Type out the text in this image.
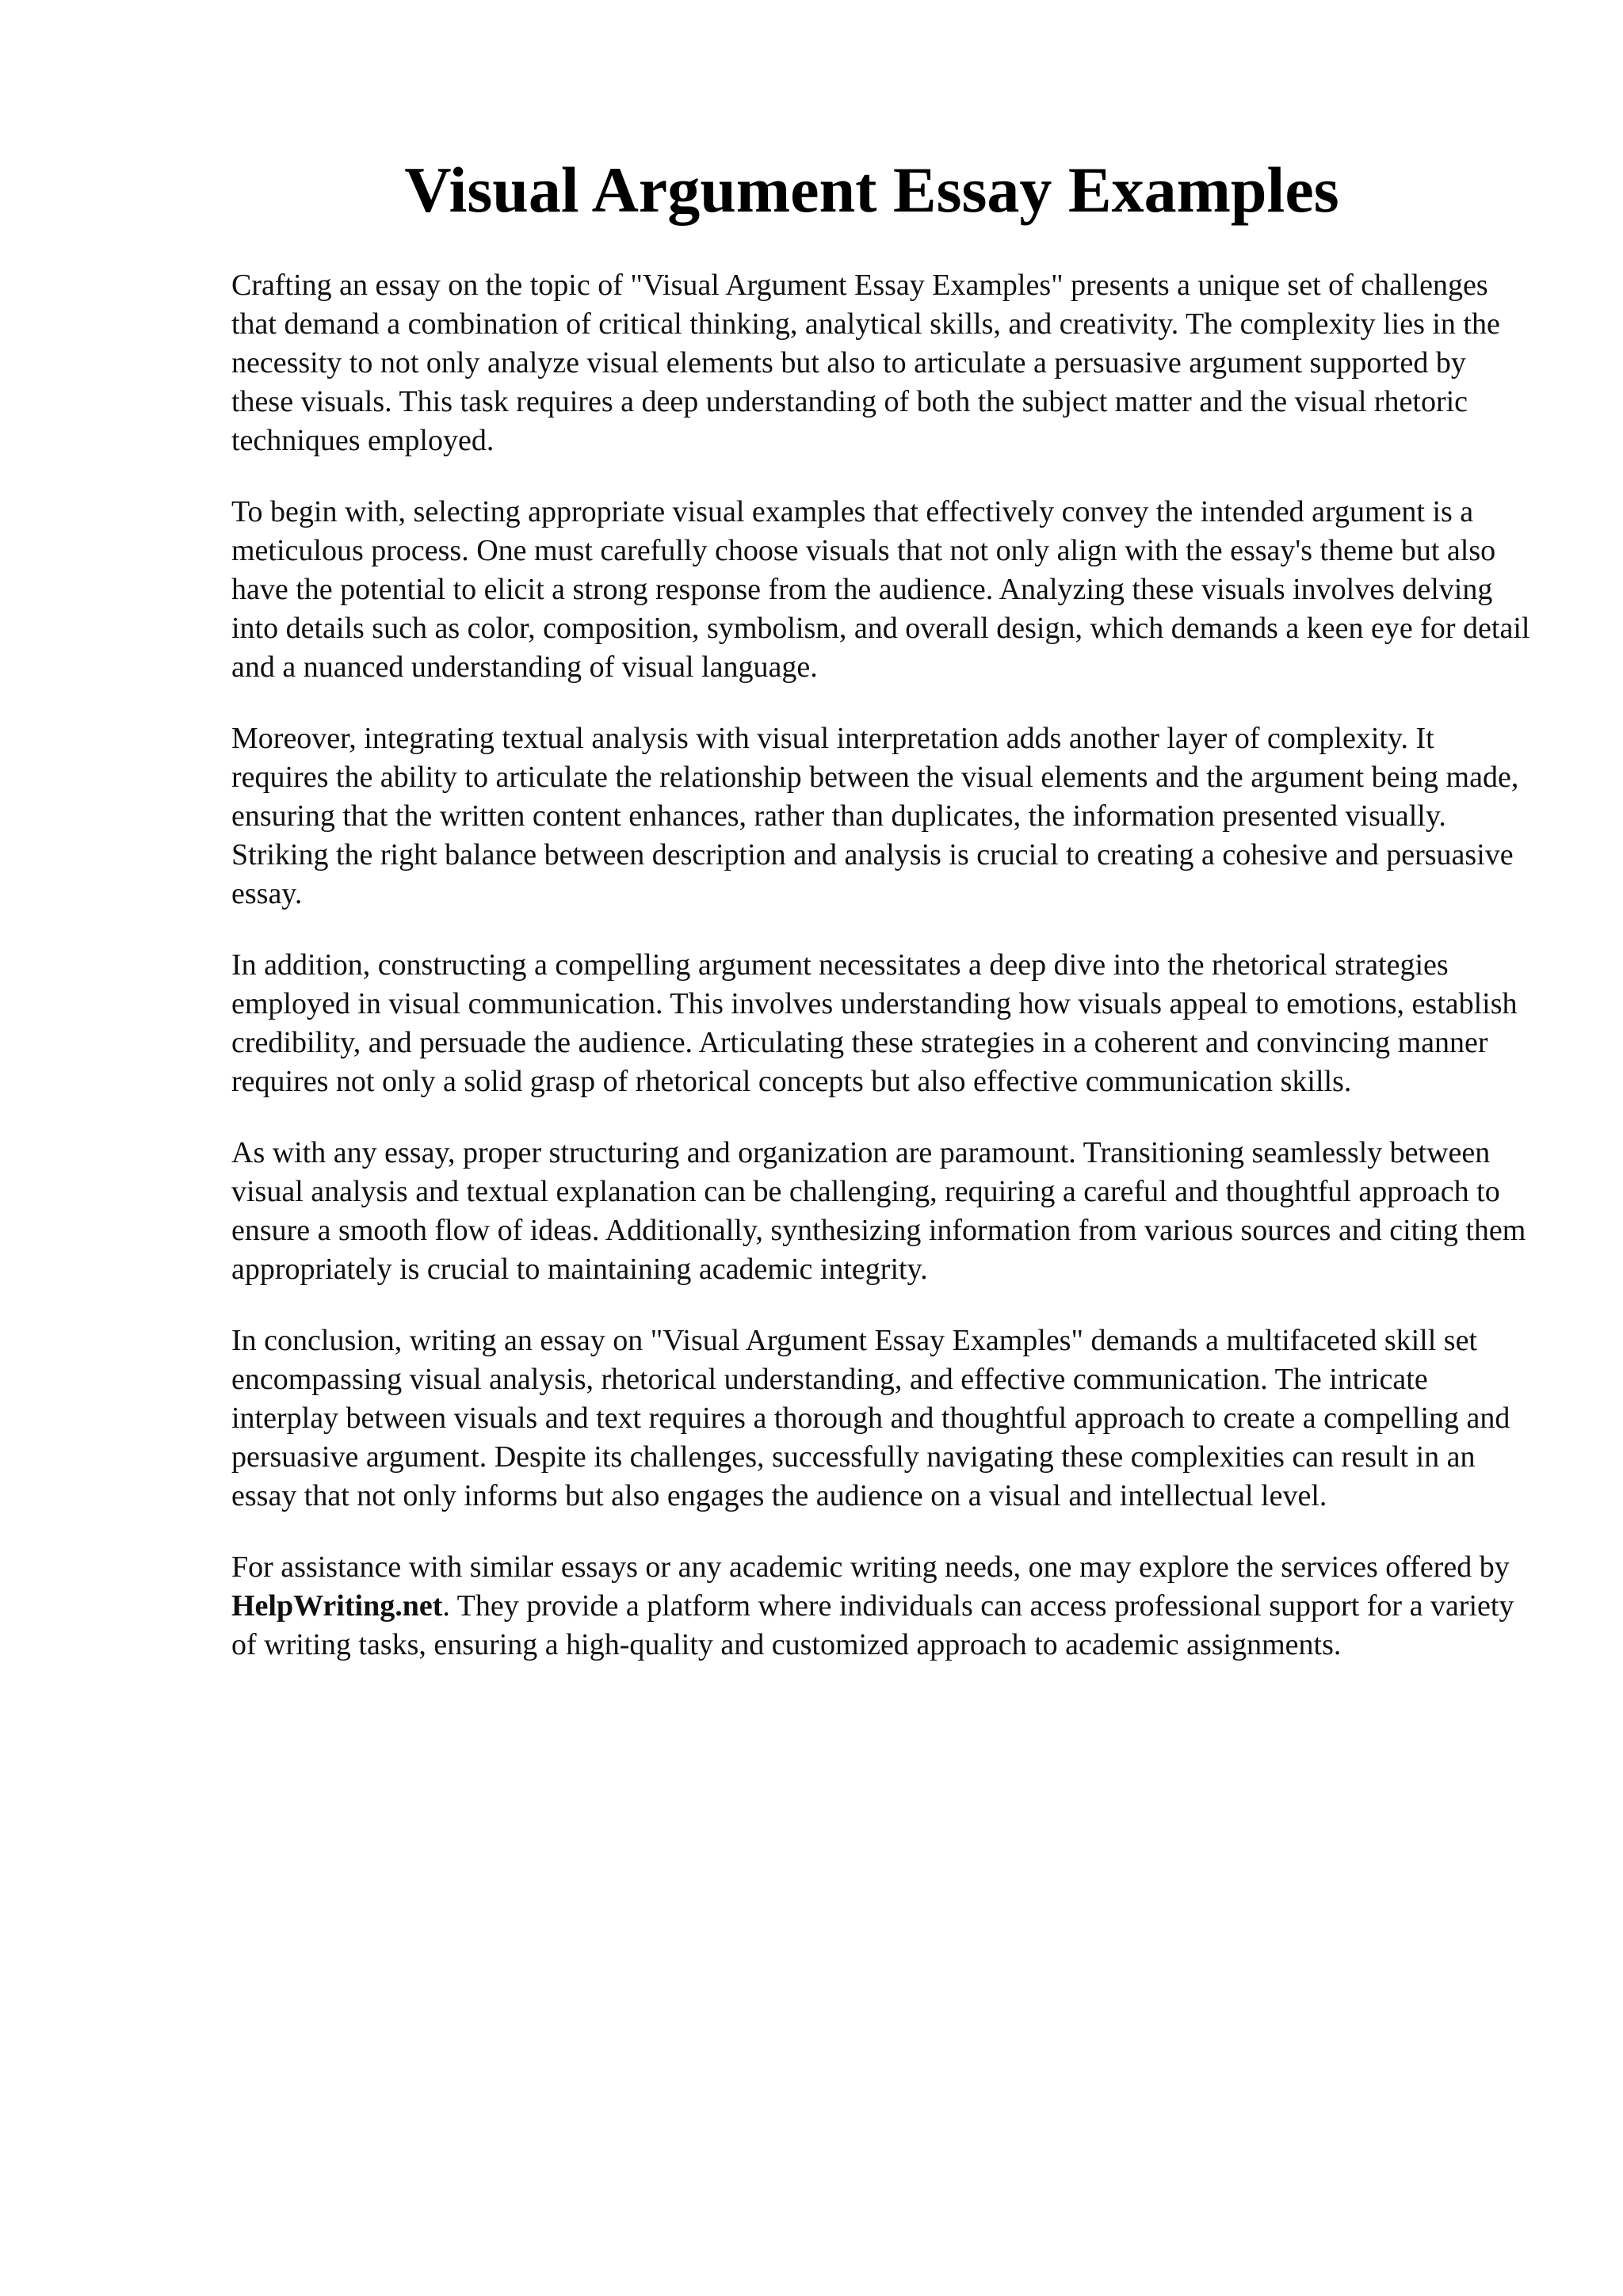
Visual Argument Essay Examples

Crafting an essay on the topic of "Visual Argument Essay Examples" presents a unique set of challenges that demand a combination of critical thinking, analytical skills, and creativity. The complexity lies in the necessity to not only analyze visual elements but also to articulate a persuasive argument supported by these visuals. This task requires a deep understanding of both the subject matter and the visual rhetoric techniques employed.

To begin with, selecting appropriate visual examples that effectively convey the intended argument is a meticulous process. One must carefully choose visuals that not only align with the essay's theme but also have the potential to elicit a strong response from the audience. Analyzing these visuals involves delving into details such as color, composition, symbolism, and overall design, which demands a keen eye for detail and a nuanced understanding of visual language.

Moreover, integrating textual analysis with visual interpretation adds another layer of complexity. It requires the ability to articulate the relationship between the visual elements and the argument being made, ensuring that the written content enhances, rather than duplicates, the information presented visually. Striking the right balance between description and analysis is crucial to creating a cohesive and persuasive essay.

In addition, constructing a compelling argument necessitates a deep dive into the rhetorical strategies employed in visual communication. This involves understanding how visuals appeal to emotions, establish credibility, and persuade the audience. Articulating these strategies in a coherent and convincing manner requires not only a solid grasp of rhetorical concepts but also effective communication skills.

As with any essay, proper structuring and organization are paramount. Transitioning seamlessly between visual analysis and textual explanation can be challenging, requiring a careful and thoughtful approach to ensure a smooth flow of ideas. Additionally, synthesizing information from various sources and citing them appropriately is crucial to maintaining academic integrity.

In conclusion, writing an essay on "Visual Argument Essay Examples" demands a multifaceted skill set encompassing visual analysis, rhetorical understanding, and effective communication. The intricate interplay between visuals and text requires a thorough and thoughtful approach to create a compelling and persuasive argument. Despite its challenges, successfully navigating these complexities can result in an essay that not only informs but also engages the audience on a visual and intellectual level.

For assistance with similar essays or any academic writing needs, one may explore the services offered by HelpWriting.net. They provide a platform where individuals can access professional support for a variety of writing tasks, ensuring a high-quality and customized approach to academic assignments.
